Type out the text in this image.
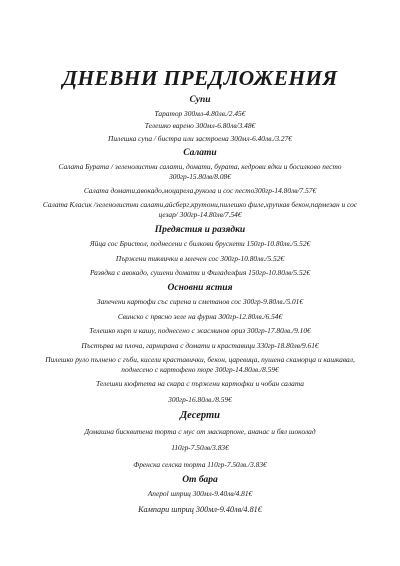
ДНЕВНИ ПРЕДЛОЖЕНИЯ
Супи
Таратор 300мл-4.80лв./2.45€
Телешко варено 300мл-6.80лв/3.48€
Пилешка супа / бистра или застроена 300мл-6.40лв./3.27€
Салати
Салата Бурата / зеленолистни салати, домати, бурата, кедрови ядки и босилково песто 300гр-15.80лв/8.08€
Салата домати,авокадо,моцарела,рукола и сос песто300гр-14.80лв/7.57€
Салата Класик /зеленолистни салати,айсберг,крутони,пилешко филе,хрупкав бекон,пармезан и сос цезар/ 300гр-14.80лв/7.54€
Предястия и разядки
Яйца сос Бристол, поднесени с билкови брускети 150гр-10.80лв./5.52€
Пържени тиквички в млечен сос 300гр-10.80лв./5.52€
Разядка с авокадо, сушени домати и Филаделфия 150гр-10.80лв/5.52€
Основни ястия
Запечени картофи със сирена и сметанов сос 300гр-9.80лв./5.01€
Свинско с прясно зеле на фурна 300гр-12.80лв./6.54€
Телешко кьрп и кашу, поднесено с жасминов ориз 300гр-17.80лв./9.10€
Пъстърва на плоча, гарнирана с домати и краставици 330гр-18.80лв/9.61€
Пилешко руло пълнено с гъби, кисели краставички, бекон, царевица, пушена скаморца и кашкавал, поднесено с картофено пюре 300гр-14.80лв./8.59€
Телешки кюфтета на скара с пържени картофки и чобан салата
300гр-16.80лв./8.59€
Десерти
Домашна бисквитена торта с мус от маскарпоне, ананас и бял шоколад
110гр-7.50лв/3.83€
Френска селска торта 110гр-7.50лв./3.83€
От бара
Апероl шприц 300мл-9.40лв/4.81€
Кампари шприц 300мл-9.40лв/4.81€
